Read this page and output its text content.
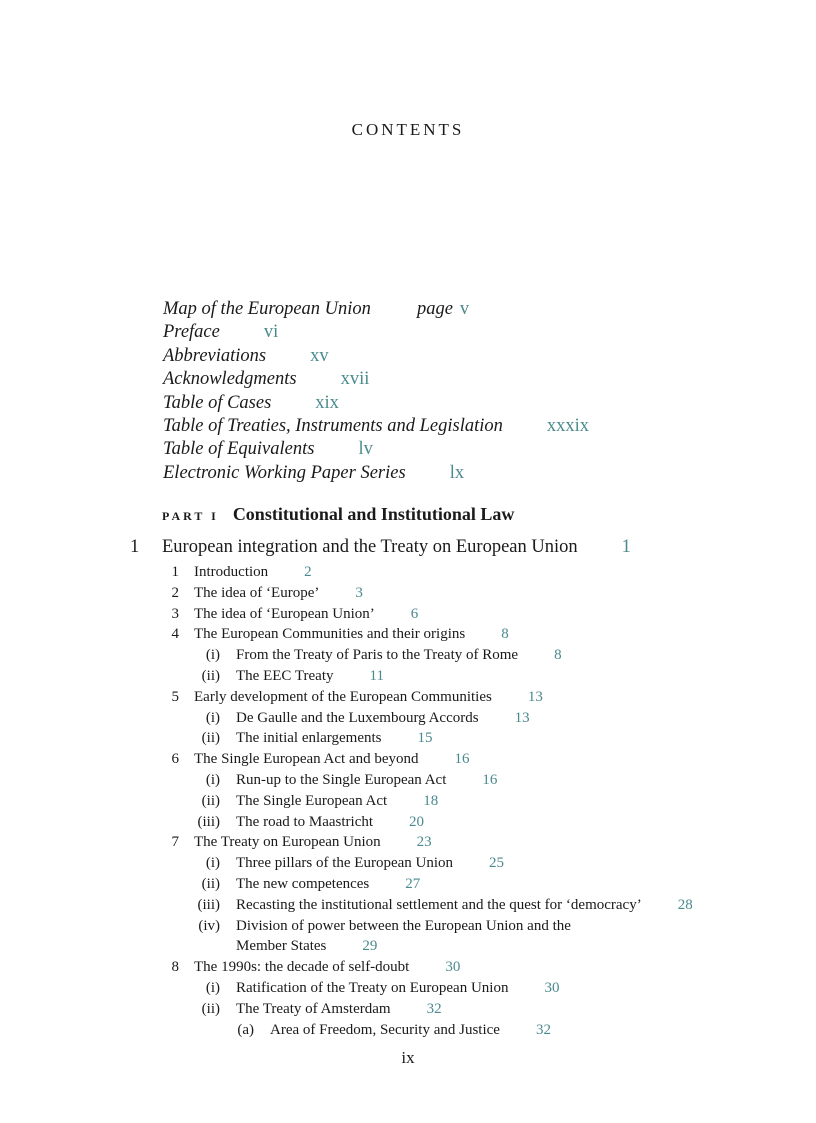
CONTENTS
Map of the European Union page v
Preface vi
Abbreviations xv
Acknowledgments xvii
Table of Cases xix
Table of Treaties, Instruments and Legislation xxxix
Table of Equivalents lv
Electronic Working Paper Series lx
PART I Constitutional and Institutional Law
1 European integration and the Treaty on European Union 1
1 Introduction 2
2 The idea of ‘Europe’ 3
3 The idea of ‘European Union’ 6
4 The European Communities and their origins 8
(i) From the Treaty of Paris to the Treaty of Rome 8
(ii) The EEC Treaty 11
5 Early development of the European Communities 13
(i) De Gaulle and the Luxembourg Accords 13
(ii) The initial enlargements 15
6 The Single European Act and beyond 16
(i) Run-up to the Single European Act 16
(ii) The Single European Act 18
(iii) The road to Maastricht 20
7 The Treaty on European Union 23
(i) Three pillars of the European Union 25
(ii) The new competences 27
(iii) Recasting the institutional settlement and the quest for ‘democracy’ 28
(iv) Division of power between the European Union and the
Member States 29
8 The 1990s: the decade of self-doubt 30
(i) Ratification of the Treaty on European Union 30
(ii) The Treaty of Amsterdam 32
(a) Area of Freedom, Security and Justice 32
ix
